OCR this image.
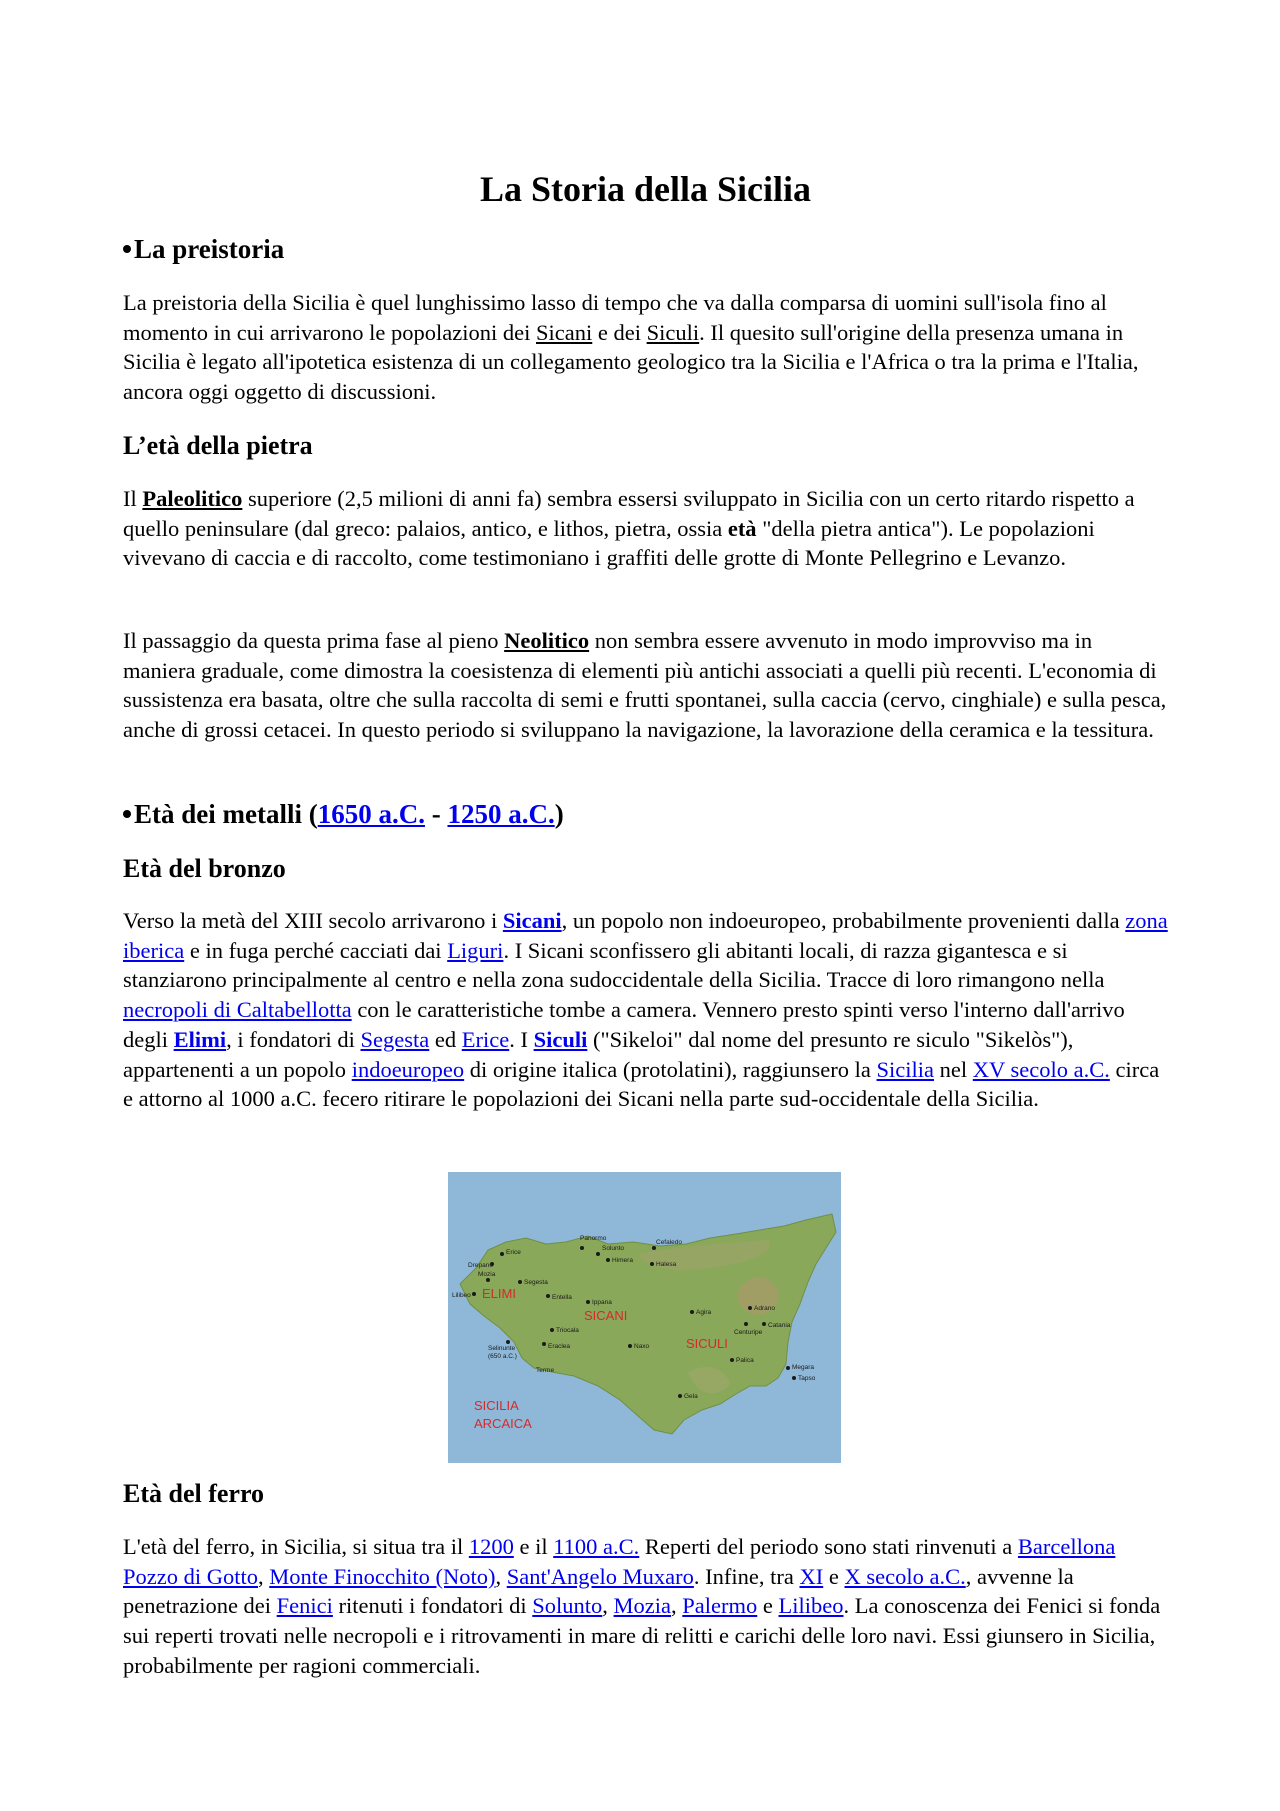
La Storia della Sicilia
La preistoria

La preistoria della Sicilia è quel lunghissimo lasso di tempo che va dalla comparsa di uomini sull'isola fino al momento in cui arrivarono le popolazioni dei Sicani e dei Siculi. Il quesito sull'origine della presenza umana in Sicilia è legato all'ipotetica esistenza di un collegamento geologico tra la Sicilia e l'Africa o tra la prima e l'Italia, ancora oggi oggetto di discussioni.

L’età della pietra

Il Paleolitico superiore (2,5 milioni di anni fa) sembra essersi sviluppato in Sicilia con un certo ritardo rispetto a quello peninsulare (dal greco: palaios, antico, e lithos, pietra, ossia età "della pietra antica"). Le popolazioni vivevano di caccia e di raccolto, come testimoniano i graffiti delle grotte di Monte Pellegrino e Levanzo.

Il passaggio da questa prima fase al pieno Neolitico non sembra essere avvenuto in modo improvviso ma in maniera graduale, come dimostra la coesistenza di elementi più antichi associati a quelli più recenti. L'economia di sussistenza era basata, oltre che sulla raccolta di semi e frutti spontanei, sulla caccia (cervo, cinghiale) e sulla pesca, anche di grossi cetacei. In questo periodo si sviluppano la navigazione, la lavorazione della ceramica e la tessitura.

Età dei metalli (1650 a.C. - 1250 a.C.)
Età del bronzo

Verso la metà del XIII secolo arrivarono i Sicani, un popolo non indoeuropeo, probabilmente provenienti dalla zona iberica e in fuga perché cacciati dai Liguri. I Sicani sconfissero gli abitanti locali, di razza gigantesca e si stanziarono principalmente al centro e nella zona sudoccidentale della Sicilia. Tracce di loro rimangono nella necropoli di Caltabellotta con le caratteristiche tombe a camera. Vennero presto spinti verso l'interno dall'arrivo degli Elimi, i fondatori di Segesta ed Erice. I Siculi ("Sikeloi" dal nome del presunto re siculo "Sikelòs"), appartenenti a un popolo indoeuropeo di origine italica (protolatini), raggiunsero la Sicilia nel XV secolo a.C. circa e attorno al 1000 a.C. fecero ritirare le popolazioni dei Sicani nella parte sud-occidentale della Sicilia.

Panormo
Cefaledo
Solunto
Mozia
Segesta
Erice
Drepano
Lilibeo
Selinunte
(650 a.C.)
Entella
Ippana
Himera
Halesa
Agira
Adrano
Catania
Centuripe
Megara
Tapso
Palica
Gela
Eraclea
Terme
Triocala
Naxo
ELIMI
SICANI
SICULI
SICILIA
ARCAICA
Età del ferro

L'età del ferro, in Sicilia, si situa tra il 1200 e il 1100 a.C. Reperti del periodo sono stati rinvenuti a Barcellona Pozzo di Gotto, Monte Finocchito (Noto), Sant'Angelo Muxaro. Infine, tra XI e X secolo a.C., avvenne la penetrazione dei Fenici ritenuti i fondatori di Solunto, Mozia, Palermo e Lilibeo. La conoscenza dei Fenici si fonda sui reperti trovati nelle necropoli e i ritrovamenti in mare di relitti e carichi delle loro navi. Essi giunsero in Sicilia, probabilmente per ragioni commerciali.
